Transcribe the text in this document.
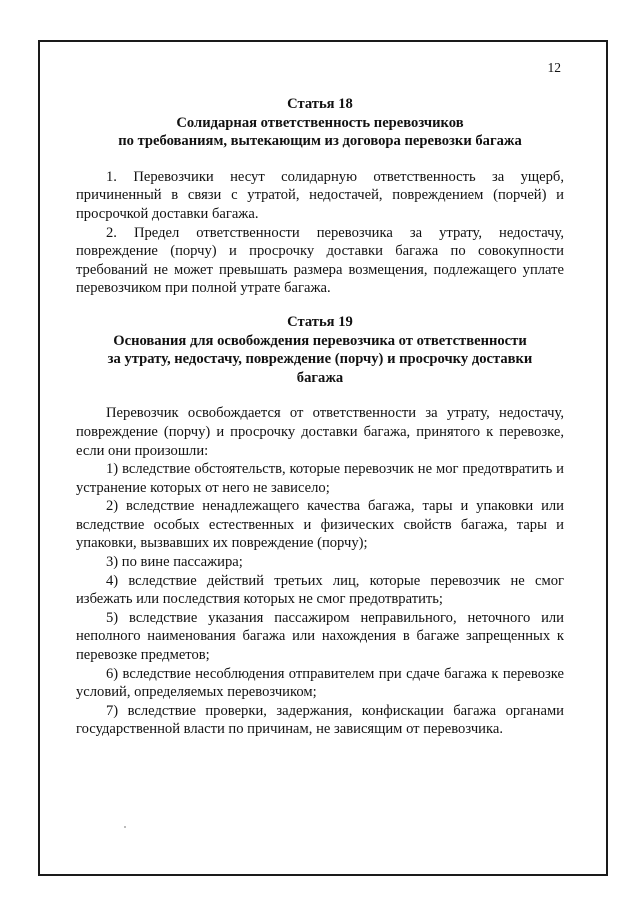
12

Статья 18

Солидарная ответственность перевозчиков
по требованиям, вытекающим из договора перевозки багажа

1. Перевозчики несут солидарную ответственность за ущерб, причиненный в связи с утратой, недостачей, повреждением (порчей) и просрочкой доставки багажа.

2. Предел ответственности перевозчика за утрату, недостачу, повреждение (порчу) и просрочку доставки багажа по совокупности требований не может превышать размера возмещения, подлежащего уплате перевозчиком при полной утрате багажа.

Статья 19

Основания для освобождения перевозчика от ответственности
за утрату, недостачу, повреждение (порчу) и просрочку доставки
багажа

Перевозчик освобождается от ответственности за утрату, недостачу, повреждение (порчу) и просрочку доставки багажа, принятого к перевозке, если они произошли:

1) вследствие обстоятельств, которые перевозчик не мог предотвратить и устранение которых от него не зависело;

2) вследствие ненадлежащего качества багажа, тары и упаковки или вследствие особых естественных и физических свойств багажа, тары и упаковки, вызвавших их повреждение (порчу);

3) по вине пассажира;

4) вследствие действий третьих лиц, которые перевозчик не смог избежать или последствия которых не смог предотвратить;

5) вследствие указания пассажиром неправильного, неточного или неполного наименования багажа или нахождения в багаже запрещенных к перевозке предметов;

6) вследствие несоблюдения отправителем при сдаче багажа к перевозке условий, определяемых перевозчиком;

7) вследствие проверки, задержания, конфискации багажа органами государственной власти по причинам, не зависящим от перевозчика.
